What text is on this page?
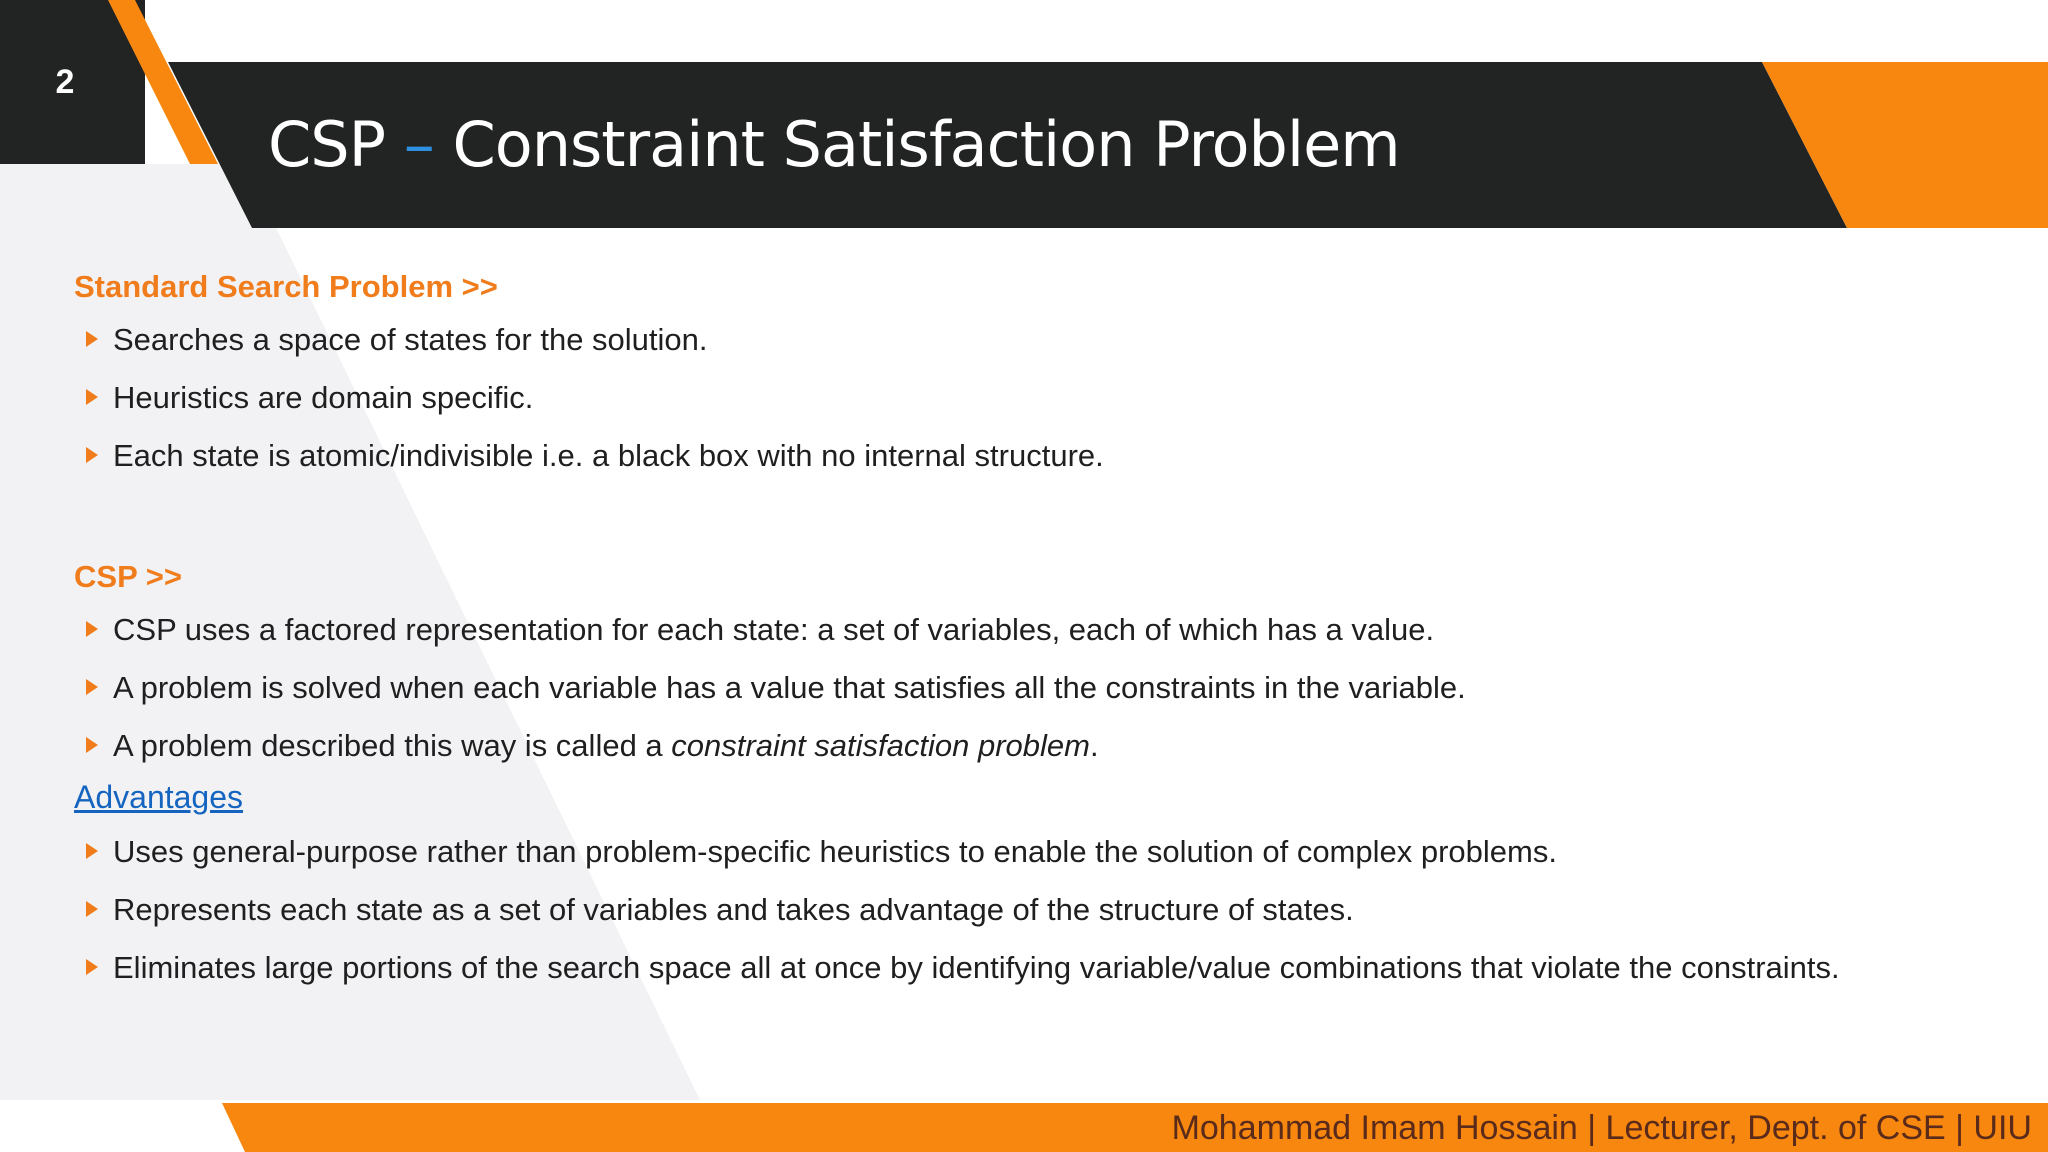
2
CSP – Constraint Satisfaction Problem
Standard Search Problem >>
Searches a space of states for the solution.
Heuristics are domain specific.
Each state is atomic/indivisible i.e. a black box with no internal structure.
CSP >>
CSP uses a factored representation for each state: a set of variables, each of which has a value.
A problem is solved when each variable has a value that satisfies all the constraints in the variable.
A problem described this way is called a constraint satisfaction problem.
Advantages
Uses general-purpose rather than problem-specific heuristics to enable the solution of complex problems.
Represents each state as a set of variables and takes advantage of the structure of states.
Eliminates large portions of the search space all at once by identifying variable/value combinations that violate the constraints.
Mohammad Imam Hossain | Lecturer, Dept. of CSE | UIU
